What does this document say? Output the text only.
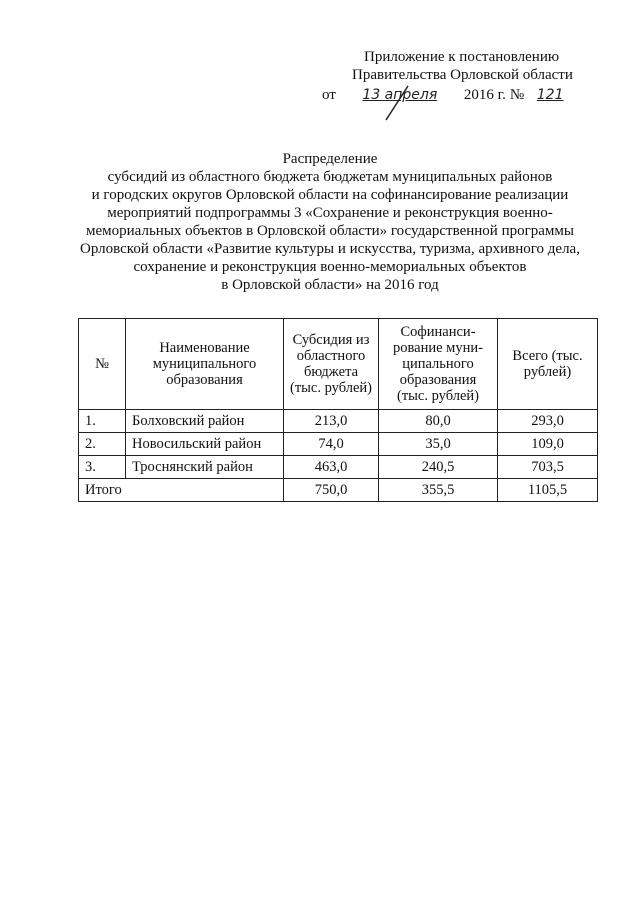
Приложение к постановлению
Правительства Орловской области
от	13 апреля	2016 г. № 121
Распределение
субсидий из областного бюджета бюджетам муниципальных районов
и городских округов Орловской области на софинансирование реализации
мероприятий подпрограммы 3 «Сохранение и реконструкция военно-
мемориальных объектов в Орловской области» государственной программы
Орловской области «Развитие культуры и искусства, туризма, архивного дела,
сохранение и реконструкция военно-мемориальных объектов
в Орловской области» на 2016 год
№	Наименование муниципального образования	Субсидия из областного бюджета (тыс. рублей)	Софинанси-рование муни-ципального образования (тыс. рублей)	Всего (тыс. рублей)
1.	Болховский район	213,0	80,0	293,0
2.	Новосильский район	74,0	35,0	109,0
3.	Троснянский район	463,0	240,5	703,5
Итого		750,0	355,5	1105,5
